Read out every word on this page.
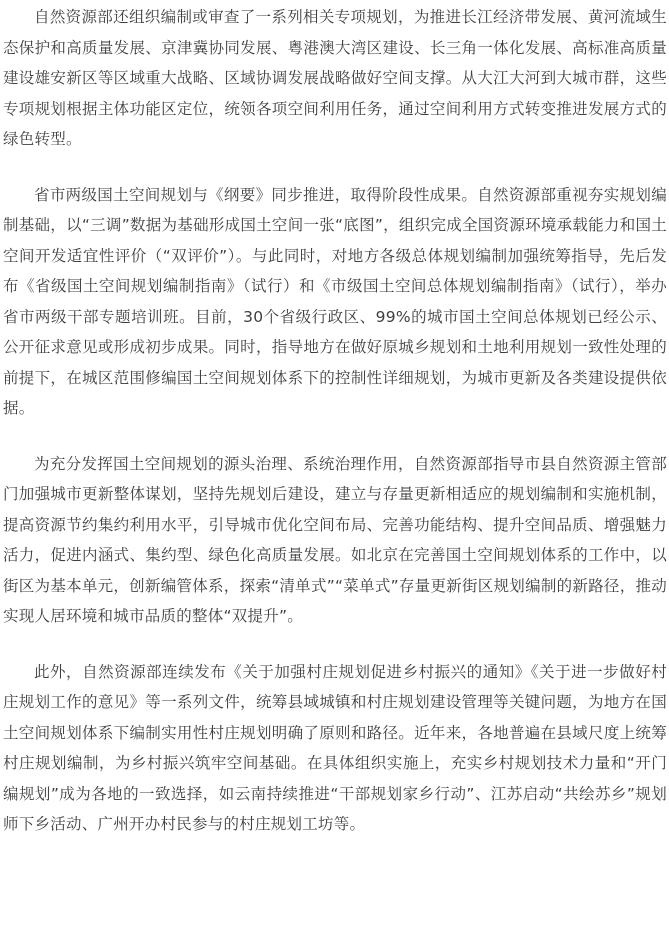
自然资源部还组织编制或审查了一系列相关专项规划，为推进长江经济带发展、黄河流域生态保护和高质量发展、京津冀协同发展、粤港澳大湾区建设、长三角一体化发展、高标准高质量建设雄安新区等区域重大战略、区域协调发展战略做好空间支撑。从大江大河到大城市群，这些专项规划根据主体功能区定位，统领各项空间利用任务，通过空间利用方式转变推进发展方式的绿色转型。

省市两级国土空间规划与《纲要》同步推进，取得阶段性成果。自然资源部重视夯实规划编制基础，以“三调”数据为基础形成国土空间一张“底图”，组织完成全国资源环境承载能力和国土空间开发适宜性评价（“双评价”）。与此同时，对地方各级总体规划编制加强统筹指导，先后发布《省级国土空间规划编制指南》（试行）和《市级国土空间总体规划编制指南》（试行），举办省市两级干部专题培训班。目前，30个省级行政区、99%的城市国土空间总体规划已经公示、公开征求意见或形成初步成果。同时，指导地方在做好原城乡规划和土地利用规划一致性处理的前提下，在城区范围修编国土空间规划体系下的控制性详细规划，为城市更新及各类建设提供依据。

为充分发挥国土空间规划的源头治理、系统治理作用，自然资源部指导市县自然资源主管部门加强城市更新整体谋划，坚持先规划后建设，建立与存量更新相适应的规划编制和实施机制，提高资源节约集约利用水平，引导城市优化空间布局、完善功能结构、提升空间品质、增强魅力活力，促进内涵式、集约型、绿色化高质量发展。如北京在完善国土空间规划体系的工作中，以街区为基本单元，创新编管体系，探索“清单式”“菜单式”存量更新街区规划编制的新路径，推动实现人居环境和城市品质的整体“双提升”。

此外，自然资源部连续发布《关于加强村庄规划促进乡村振兴的通知》《关于进一步做好村庄规划工作的意见》等一系列文件，统筹县域城镇和村庄规划建设管理等关键问题，为地方在国土空间规划体系下编制实用性村庄规划明确了原则和路径。近年来，各地普遍在县域尺度上统筹村庄规划编制，为乡村振兴筑牢空间基础。在具体组织实施上，充实乡村规划技术力量和“开门编规划”成为各地的一致选择，如云南持续推进“干部规划家乡行动”、江苏启动“共绘苏乡”规划师下乡活动、广州开办村民参与的村庄规划工坊等。
